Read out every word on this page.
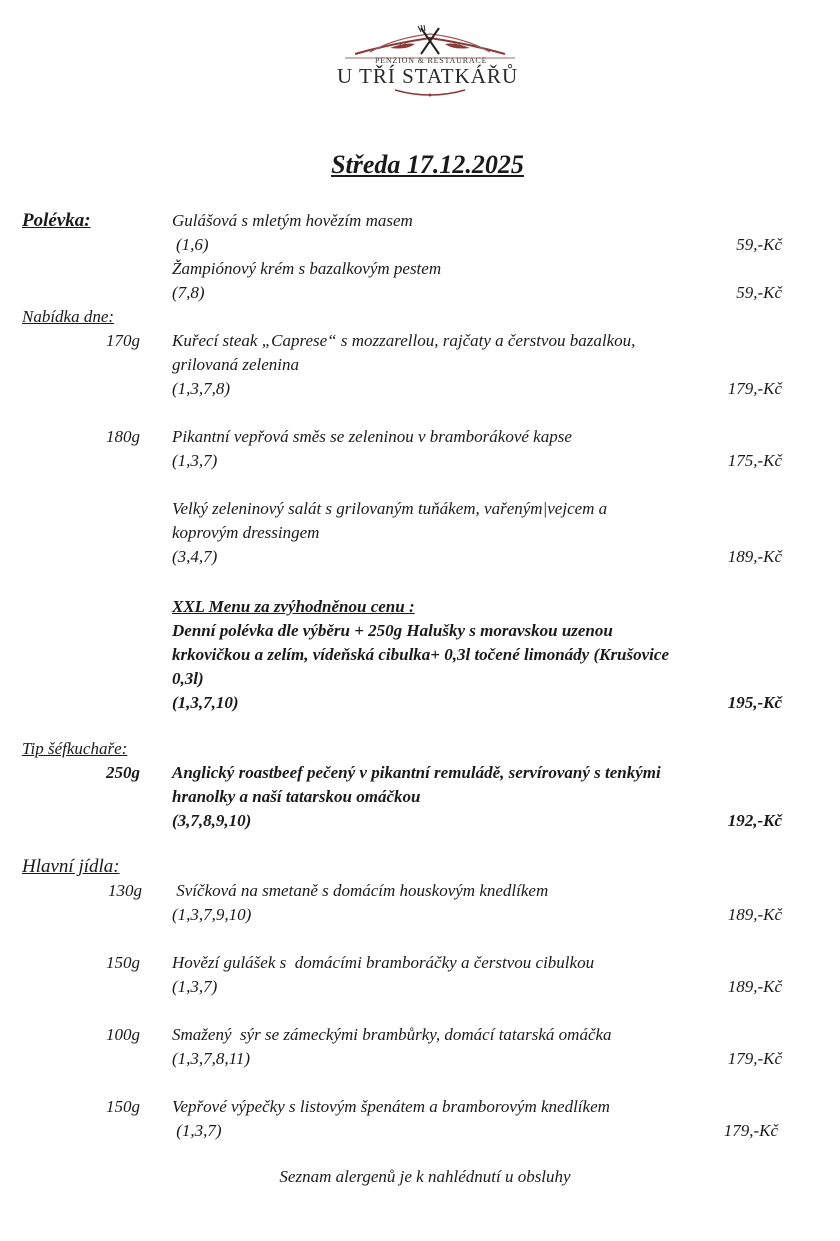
PENZION & RESTAURACE
U TŘÍ STATKÁŘŮ
Středa 17.12.2025
Polévka:	Gulášová s mletým hovězím masem
(1,6)	59,-Kč
Žampiónový krém s bazalkovým pestem
(7,8)	59,-Kč
Nabídka dne:
170g Kuřecí steak „Caprese“ s mozzarellou, rajčaty a čerstvou bazalkou,
grilovaná zelenina
(1,3,7,8)	179,-Kč
180g Pikantní vepřová směs se zeleninou v bramborákové kapse
(1,3,7)	175,-Kč
Velký zeleninový salát s grilovaným tuňákem, vařeným|vejcem a
koprovým dressingem
(3,4,7)	189,-Kč
XXL Menu za zvýhodněnou cenu :
Denní polévka dle výběru + 250g Halušky s moravskou uzenou
krkovičkou a zelím, vídeňská cibulka+ 0,3l točené limonády (Krušovice
0,3l)
(1,3,7,10)	195,-Kč
Tip šéfkuchaře:
250g Anglický roastbeef pečený v pikantní remuládě, servírovaný s tenkými
hranolky a naší tatarskou omáčkou
(3,7,8,9,10)	192,-Kč
Hlavní jídla:
130g Svíčková na smetaně s domácím houskovým knedlíkem
(1,3,7,9,10)	189,-Kč
150g Hovězí gulášek s  domácími bramboráčky a čerstvou cibulkou
(1,3,7)	189,-Kč
100g Smažený  sýr se zámeckými brambůrky, domácí tatarská omáčka
(1,3,7,8,11)	179,-Kč
150g Vepřové výpečky s listovým špenátem a bramborovým knedlíkem
(1,3,7)	179,-Kč
Seznam alergenů je k nahlédnutí u obsluhy
